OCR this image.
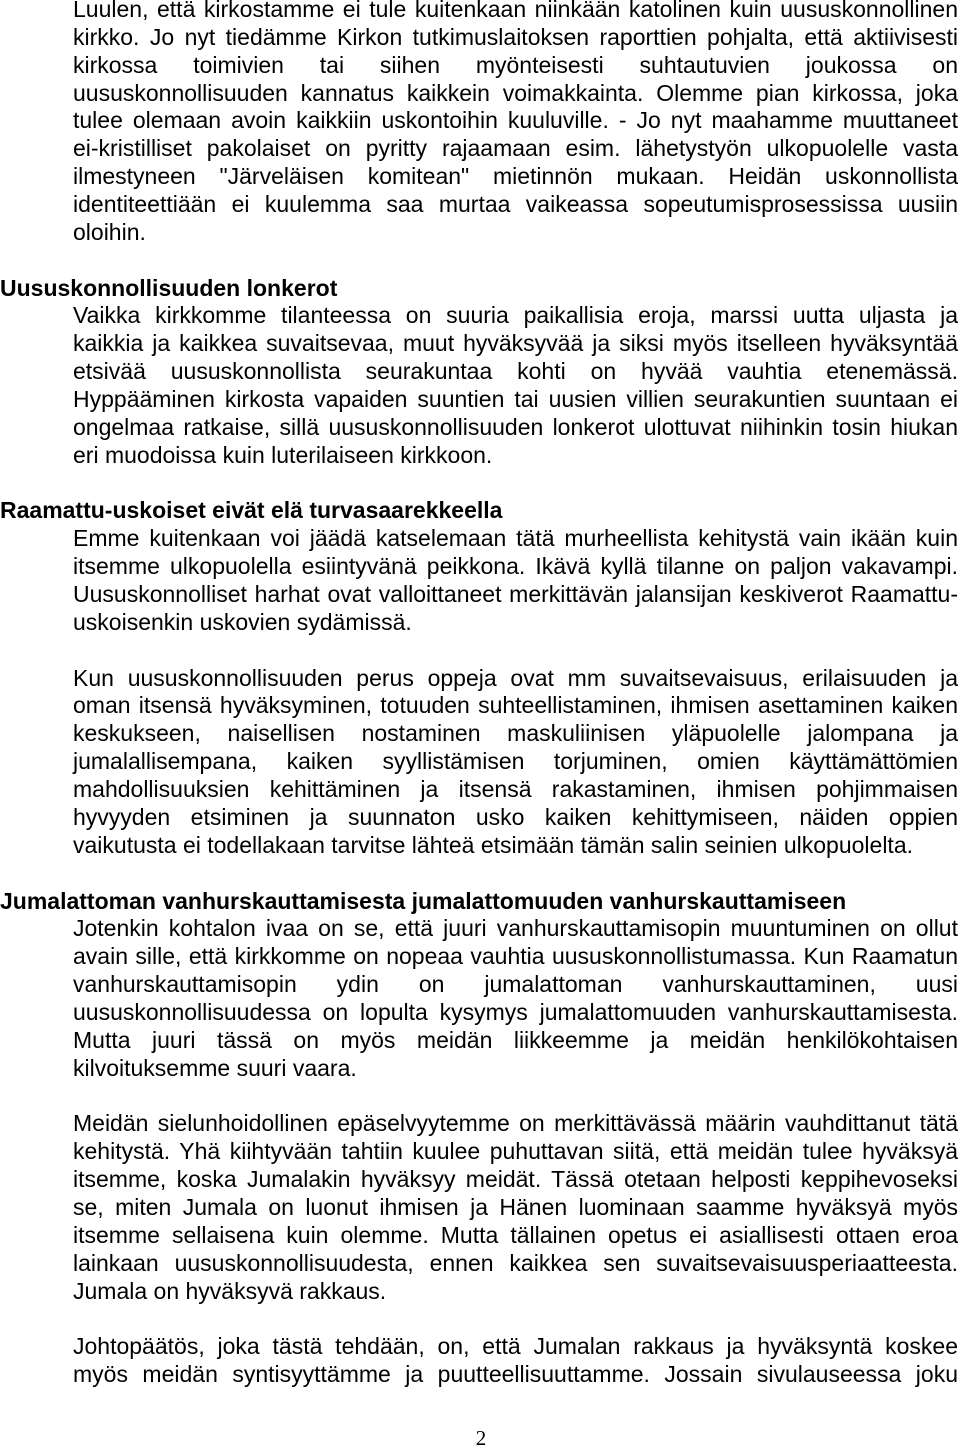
Luulen, että kirkostamme ei tule kuitenkaan niinkään katolinen kuin uususkonnollinen
kirkko. Jo nyt tiedämme Kirkon tutkimuslaitoksen raporttien pohjalta, että aktiivisesti
kirkossa toimivien tai siihen myönteisesti suhtautuvien joukossa on
uususkonnollisuuden kannatus kaikkein voimakkainta. Olemme pian kirkossa, joka
tulee olemaan avoin kaikkiin uskontoihin kuuluville. - Jo nyt maahamme muuttaneet
ei-kristilliset pakolaiset on pyritty rajaamaan esim. lähetystyön ulkopuolelle vasta
ilmestyneen "Järveläisen komitean" mietinnön mukaan. Heidän uskonnollista
identiteettiään ei kuulemma saa murtaa vaikeassa sopeutumisprosessissa uusiin
oloihin.
Uususkonnollisuuden lonkerot
Vaikka kirkkomme tilanteessa on suuria paikallisia eroja, marssi uutta uljasta ja
kaikkia ja kaikkea suvaitsevaa, muut hyväksyvää ja siksi myös itselleen hyväksyntää
etsivää uususkonnollista seurakuntaa kohti on hyvää vauhtia etenemässä.
Hyppääminen kirkosta vapaiden suuntien tai uusien villien seurakuntien suuntaan ei
ongelmaa ratkaise, sillä uususkonnollisuuden lonkerot ulottuvat niihinkin tosin hiukan
eri muodoissa kuin luterilaiseen kirkkoon.
Raamattu-uskoiset eivät elä turvasaarekkeella
Emme kuitenkaan voi jäädä katselemaan tätä murheellista kehitystä vain ikään kuin
itsemme ulkopuolella esiintyvänä peikkona. Ikävä kyllä tilanne on paljon vakavampi.
Uususkonnolliset harhat ovat valloittaneet merkittävän jalansijan keskiverot Raamattu-
uskoisenkin uskovien sydämissä.
Kun uususkonnollisuuden perus oppeja ovat mm suvaitsevaisuus, erilaisuuden ja
oman itsensä hyväksyminen, totuuden suhteellistaminen, ihmisen asettaminen kaiken
keskukseen, naisellisen nostaminen maskuliinisen yläpuolelle jalompana ja
jumalallisempana, kaiken syyllistämisen torjuminen, omien käyttämättömien
mahdollisuuksien kehittäminen ja itsensä rakastaminen, ihmisen pohjimmaisen
hyvyyden etsiminen ja suunnaton usko kaiken kehittymiseen, näiden oppien
vaikutusta ei todellakaan tarvitse lähteä etsimään tämän salin seinien ulkopuolelta.
Jumalattoman vanhurskauttamisesta jumalattomuuden vanhurskauttamiseen
Jotenkin kohtalon ivaa on se, että juuri vanhurskauttamisopin muuntuminen on ollut
avain sille, että kirkkomme on nopeaa vauhtia uususkonnollistumassa. Kun Raamatun
vanhurskauttamisopin ydin on jumalattoman vanhurskauttaminen, uusi
uususkonnollisuudessa on lopulta kysymys jumalattomuuden vanhurskauttamisesta.
Mutta juuri tässä on myös meidän liikkeemme ja meidän henkilökohtaisen
kilvoituksemme suuri vaara.
Meidän sielunhoidollinen epäselvyytemme on merkittävässä määrin vauhdittanut tätä
kehitystä. Yhä kiihtyvään tahtiin kuulee puhuttavan siitä, että meidän tulee hyväksyä
itsemme, koska Jumalakin hyväksyy meidät. Tässä otetaan helposti keppihevoseksi
se, miten Jumala on luonut ihmisen ja Hänen luominaan saamme hyväksyä myös
itsemme sellaisena kuin olemme. Mutta tällainen opetus ei asiallisesti ottaen eroa
lainkaan uususkonnollisuudesta, ennen kaikkea sen suvaitsevaisuusperiaatteesta.
Jumala on hyväksyvä rakkaus.
Johtopäätös, joka tästä tehdään, on, että Jumalan rakkaus ja hyväksyntä koskee
myös meidän syntisyyttämme ja puutteellisuuttamme. Jossain sivulauseessa joku
2
